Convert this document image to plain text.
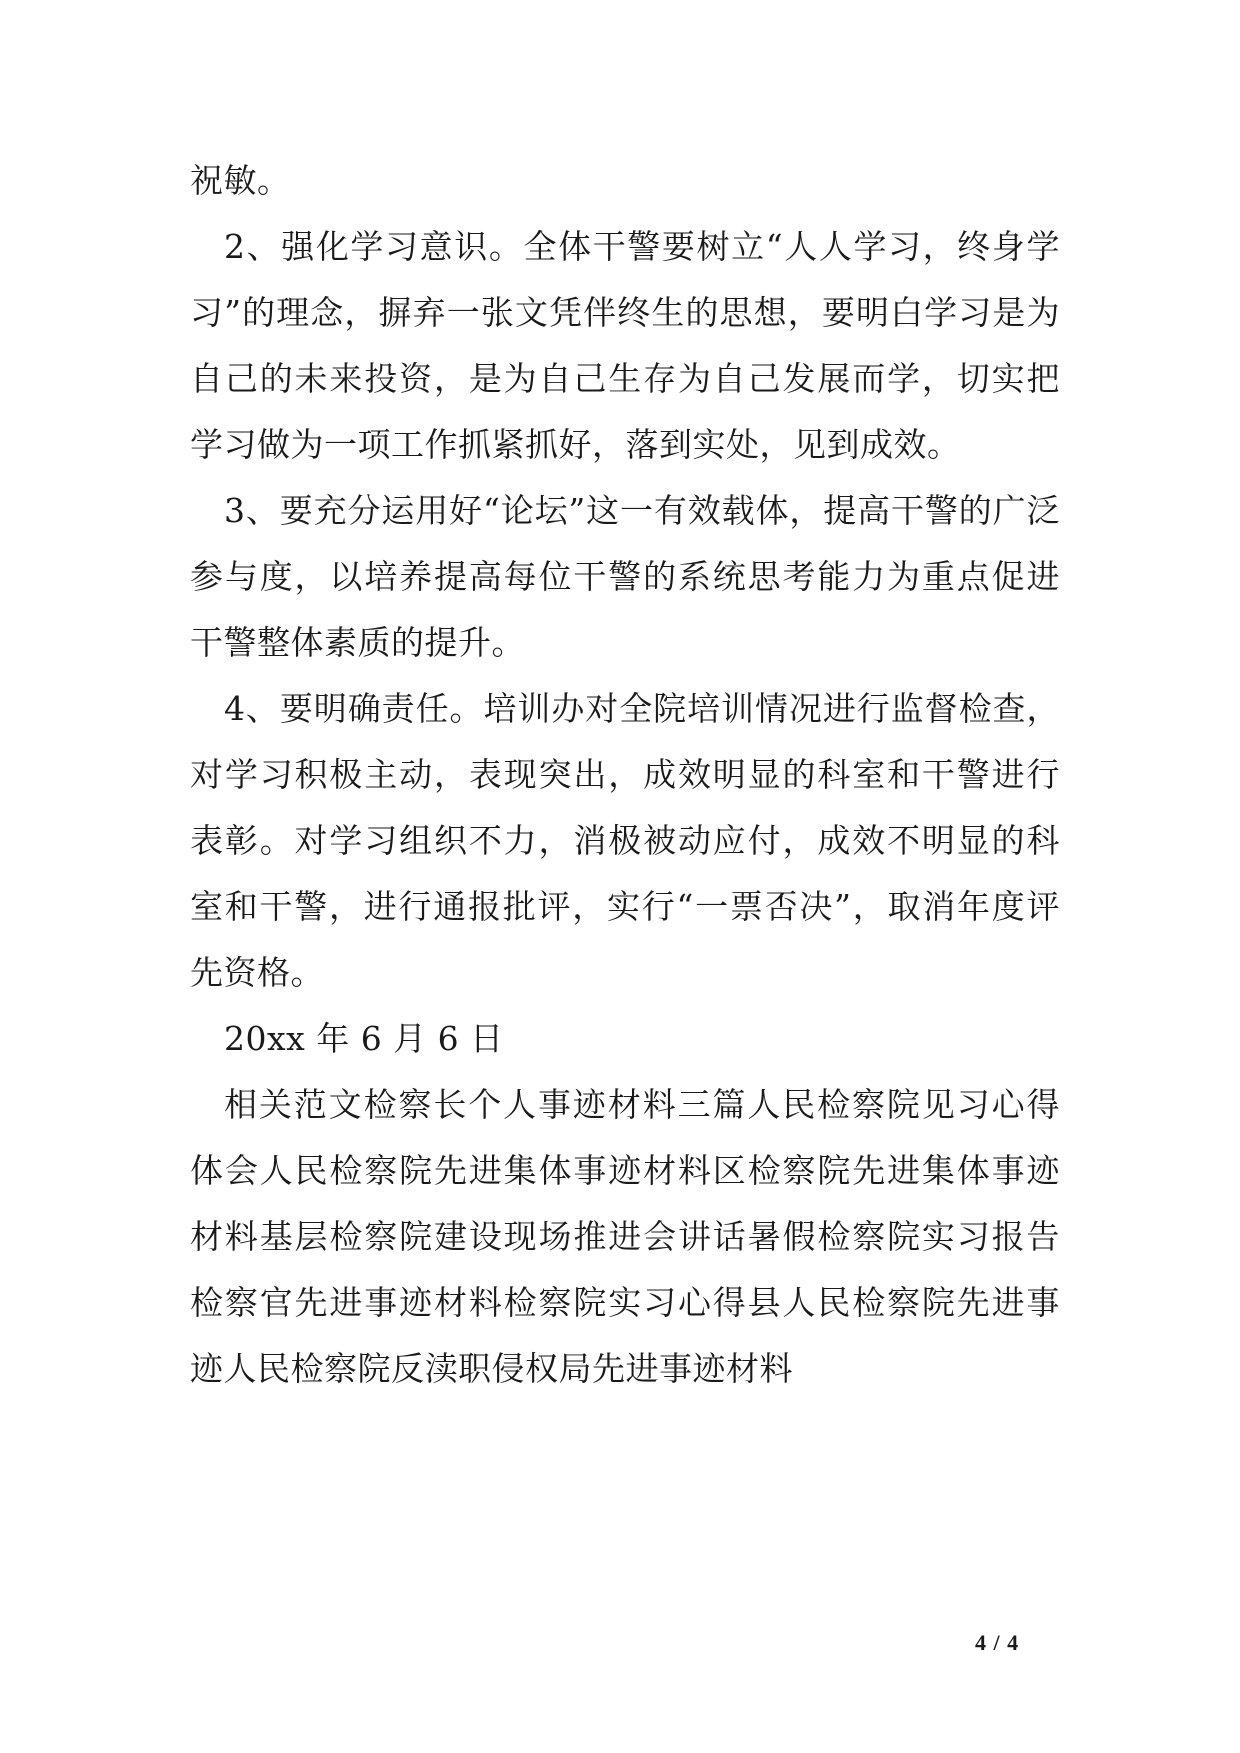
祝敏。

2、强化学习意识。全体干警要树立“人人学习，终身学习”的理念，摒弃一张文凭伴终生的思想，要明白学习是为自己的未来投资，是为自己生存为自己发展而学，切实把学习做为一项工作抓紧抓好，落到实处，见到成效。

3、要充分运用好“论坛”这一有效载体，提高干警的广泛参与度，以培养提高每位干警的系统思考能力为重点促进干警整体素质的提升。

4、要明确责任。培训办对全院培训情况进行监督检查，对学习积极主动，表现突出，成效明显的科室和干警进行表彰。对学习组织不力，消极被动应付，成效不明显的科室和干警，进行通报批评，实行“一票否决”，取消年度评先资格。

20xx 年 6 月 6 日

相关范文检察长个人事迹材料三篇人民检察院见习心得体会人民检察院先进集体事迹材料区检察院先进集体事迹材料基层检察院建设现场推进会讲话暑假检察院实习报告检察官先进事迹材料检察院实习心得县人民检察院先进事迹人民检察院反渎职侵权局先进事迹材料

4 / 4
